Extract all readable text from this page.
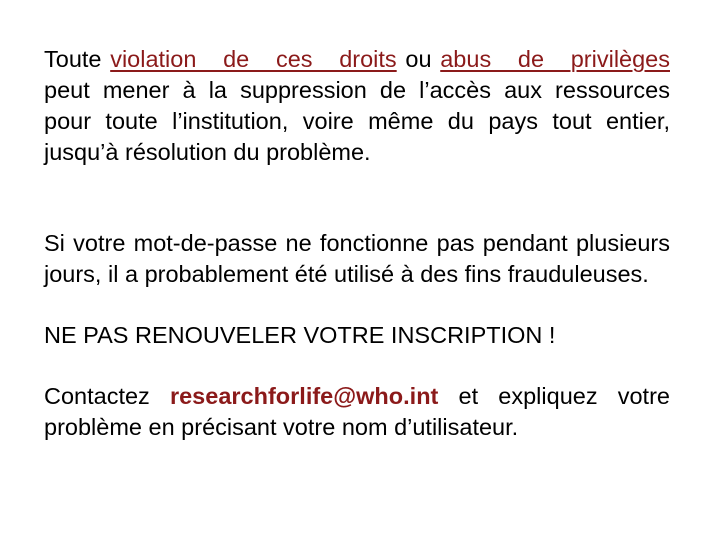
Toute violation de ces droits ou abus de privilèges peut mener à la suppression de l’accès aux ressources pour toute l’institution, voire même du pays tout entier, jusqu’à résolution du problème.

Si votre mot-de-passe ne fonctionne pas pendant plusieurs jours, il a probablement été utilisé à des fins frauduleuses.

NE PAS RENOUVELER VOTRE INSCRIPTION !

Contactez researchforlife@who.int et expliquez votre problème en précisant votre nom d’utilisateur.
